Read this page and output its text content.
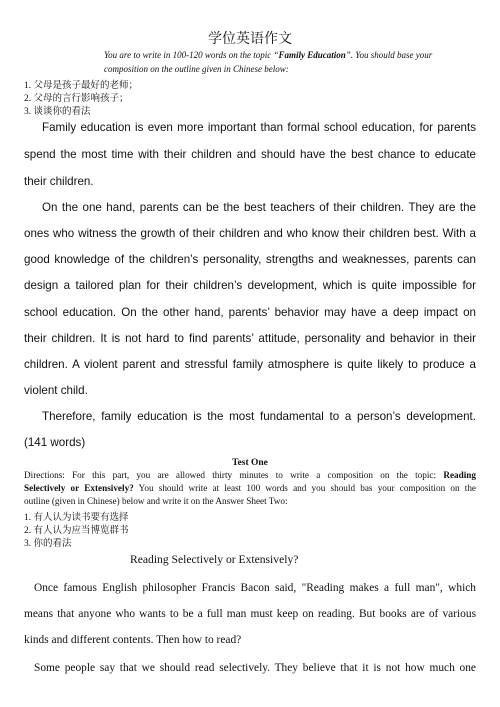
学位英语作文
You are to write in 100-120 words on the topic “Family Education”. You should base your
composition on the outline given in Chinese below:
1. 父母是孩子最好的老师；
2. 父母的言行影响孩子；
3. 谈谈你的看法
Family education is even more important than formal school education, for parents
spend the most time with their children and should have the best chance to educate
their children.
On the one hand, parents can be the best teachers of their children. They are the
ones who witness the growth of their children and who know their children best. With a
good knowledge of the children’s personality, strengths and weaknesses, parents can
design a tailored plan for their children’s development, which is quite impossible for
school education. On the other hand, parents’ behavior may have a deep impact on
their children. It is not hard to find parents’ attitude, personality and behavior in their
children. A violent parent and stressful family atmosphere is quite likely to produce a
violent child.
Therefore, family education is the most fundamental to a person’s development.
(141 words)
Test One
Directions: For this part, you are allowed thirty minutes to write a composition on the topic: Reading
Selectively or Extensively? You should write at least 100 words and you should bas your composition on the
outline (given in Chinese) below and write it on the Answer Sheet Two:
1. 有人认为读书要有选择
2. 有人认为应当博览群书
3. 你的看法
Reading Selectively or Extensively?
Once famous English philosopher Francis Bacon said, "Reading makes a full man", which
means that anyone who wants to be a full man must keep on reading. But books are of various
kinds and different contents. Then how to read?
Some people say that we should read selectively. They believe that it is not how much one
